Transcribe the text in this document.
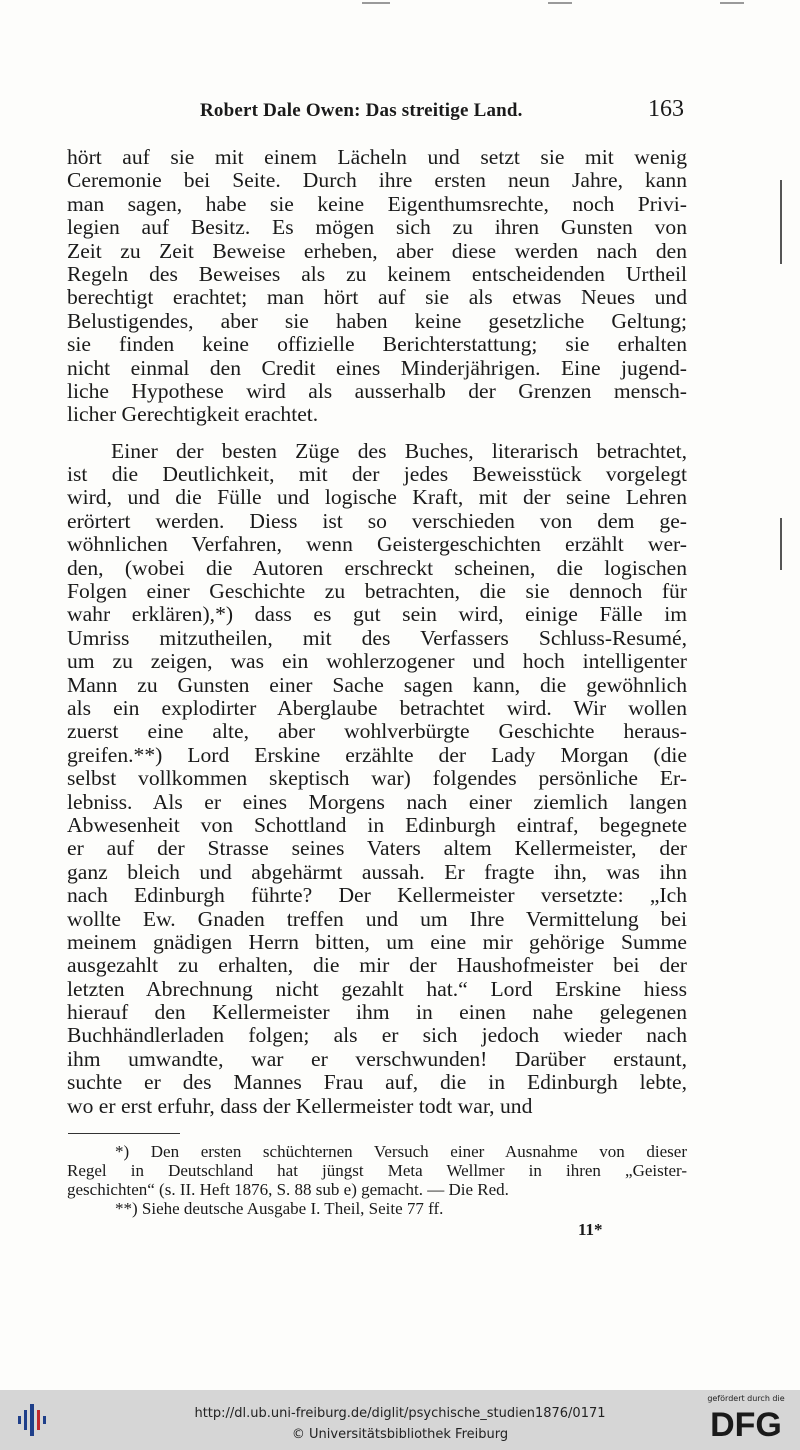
Robert Dale Owen: Das streitige Land.	163
hört auf sie mit einem Lächeln und setzt sie mit wenig
Ceremonie bei Seite. Durch ihre ersten neun Jahre, kann
man sagen, habe sie keine Eigenthumsrechte, noch Privi-
legien auf Besitz. Es mögen sich zu ihren Gunsten von
Zeit zu Zeit Beweise erheben, aber diese werden nach den
Regeln des Beweises als zu keinem entscheidenden Urtheil
berechtigt erachtet; man hört auf sie als etwas Neues und
Belustigendes, aber sie haben keine gesetzliche Geltung;
sie finden keine offizielle Berichterstattung; sie erhalten
nicht einmal den Credit eines Minderjährigen. Eine jugend-
liche Hypothese wird als ausserhalb der Grenzen mensch-
licher Gerechtigkeit erachtet.
Einer der besten Züge des Buches, literarisch betrachtet,
ist die Deutlichkeit, mit der jedes Beweisstück vorgelegt
wird, und die Fülle und logische Kraft, mit der seine Lehren
erörtert werden. Diess ist so verschieden von dem ge-
wöhnlichen Verfahren, wenn Geistergeschichten erzählt wer-
den, (wobei die Autoren erschreckt scheinen, die logischen
Folgen einer Geschichte zu betrachten, die sie dennoch für
wahr erklären),*) dass es gut sein wird, einige Fälle im
Umriss mitzutheilen, mit des Verfassers Schluss-Resumé,
um zu zeigen, was ein wohlerzogener und hoch intelligenter
Mann zu Gunsten einer Sache sagen kann, die gewöhnlich
als ein explodirter Aberglaube betrachtet wird. Wir wollen
zuerst eine alte, aber wohlverbürgte Geschichte heraus-
greifen.**) Lord Erskine erzählte der Lady Morgan (die
selbst vollkommen skeptisch war) folgendes persönliche Er-
lebniss. Als er eines Morgens nach einer ziemlich langen
Abwesenheit von Schottland in Edinburgh eintraf, begegnete
er auf der Strasse seines Vaters altem Kellermeister, der
ganz bleich und abgehärmt aussah. Er fragte ihn, was ihn
nach Edinburgh führte? Der Kellermeister versetzte: „Ich
wollte Ew. Gnaden treffen und um Ihre Vermittelung bei
meinem gnädigen Herrn bitten, um eine mir gehörige Summe
ausgezahlt zu erhalten, die mir der Haushofmeister bei der
letzten Abrechnung nicht gezahlt hat.“ Lord Erskine hiess
hierauf den Kellermeister ihm in einen nahe gelegenen
Buchhändlerladen folgen; als er sich jedoch wieder nach
ihm umwandte, war er verschwunden! Darüber erstaunt,
suchte er des Mannes Frau auf, die in Edinburgh lebte,
wo er erst erfuhr, dass der Kellermeister todt war, und
*) Den ersten schüchternen Versuch einer Ausnahme von dieser
Regel in Deutschland hat jüngst Meta Wellmer in ihren „Geister-
geschichten“ (s. II. Heft 1876, S. 88 sub e) gemacht. — Die Red.
**) Siehe deutsche Ausgabe I. Theil, Seite 77 ff.
11*
http://dl.ub.uni-freiburg.de/diglit/psychische_studien1876/0171
© Universitätsbibliothek Freiburg
gefördert durch die
DFG
